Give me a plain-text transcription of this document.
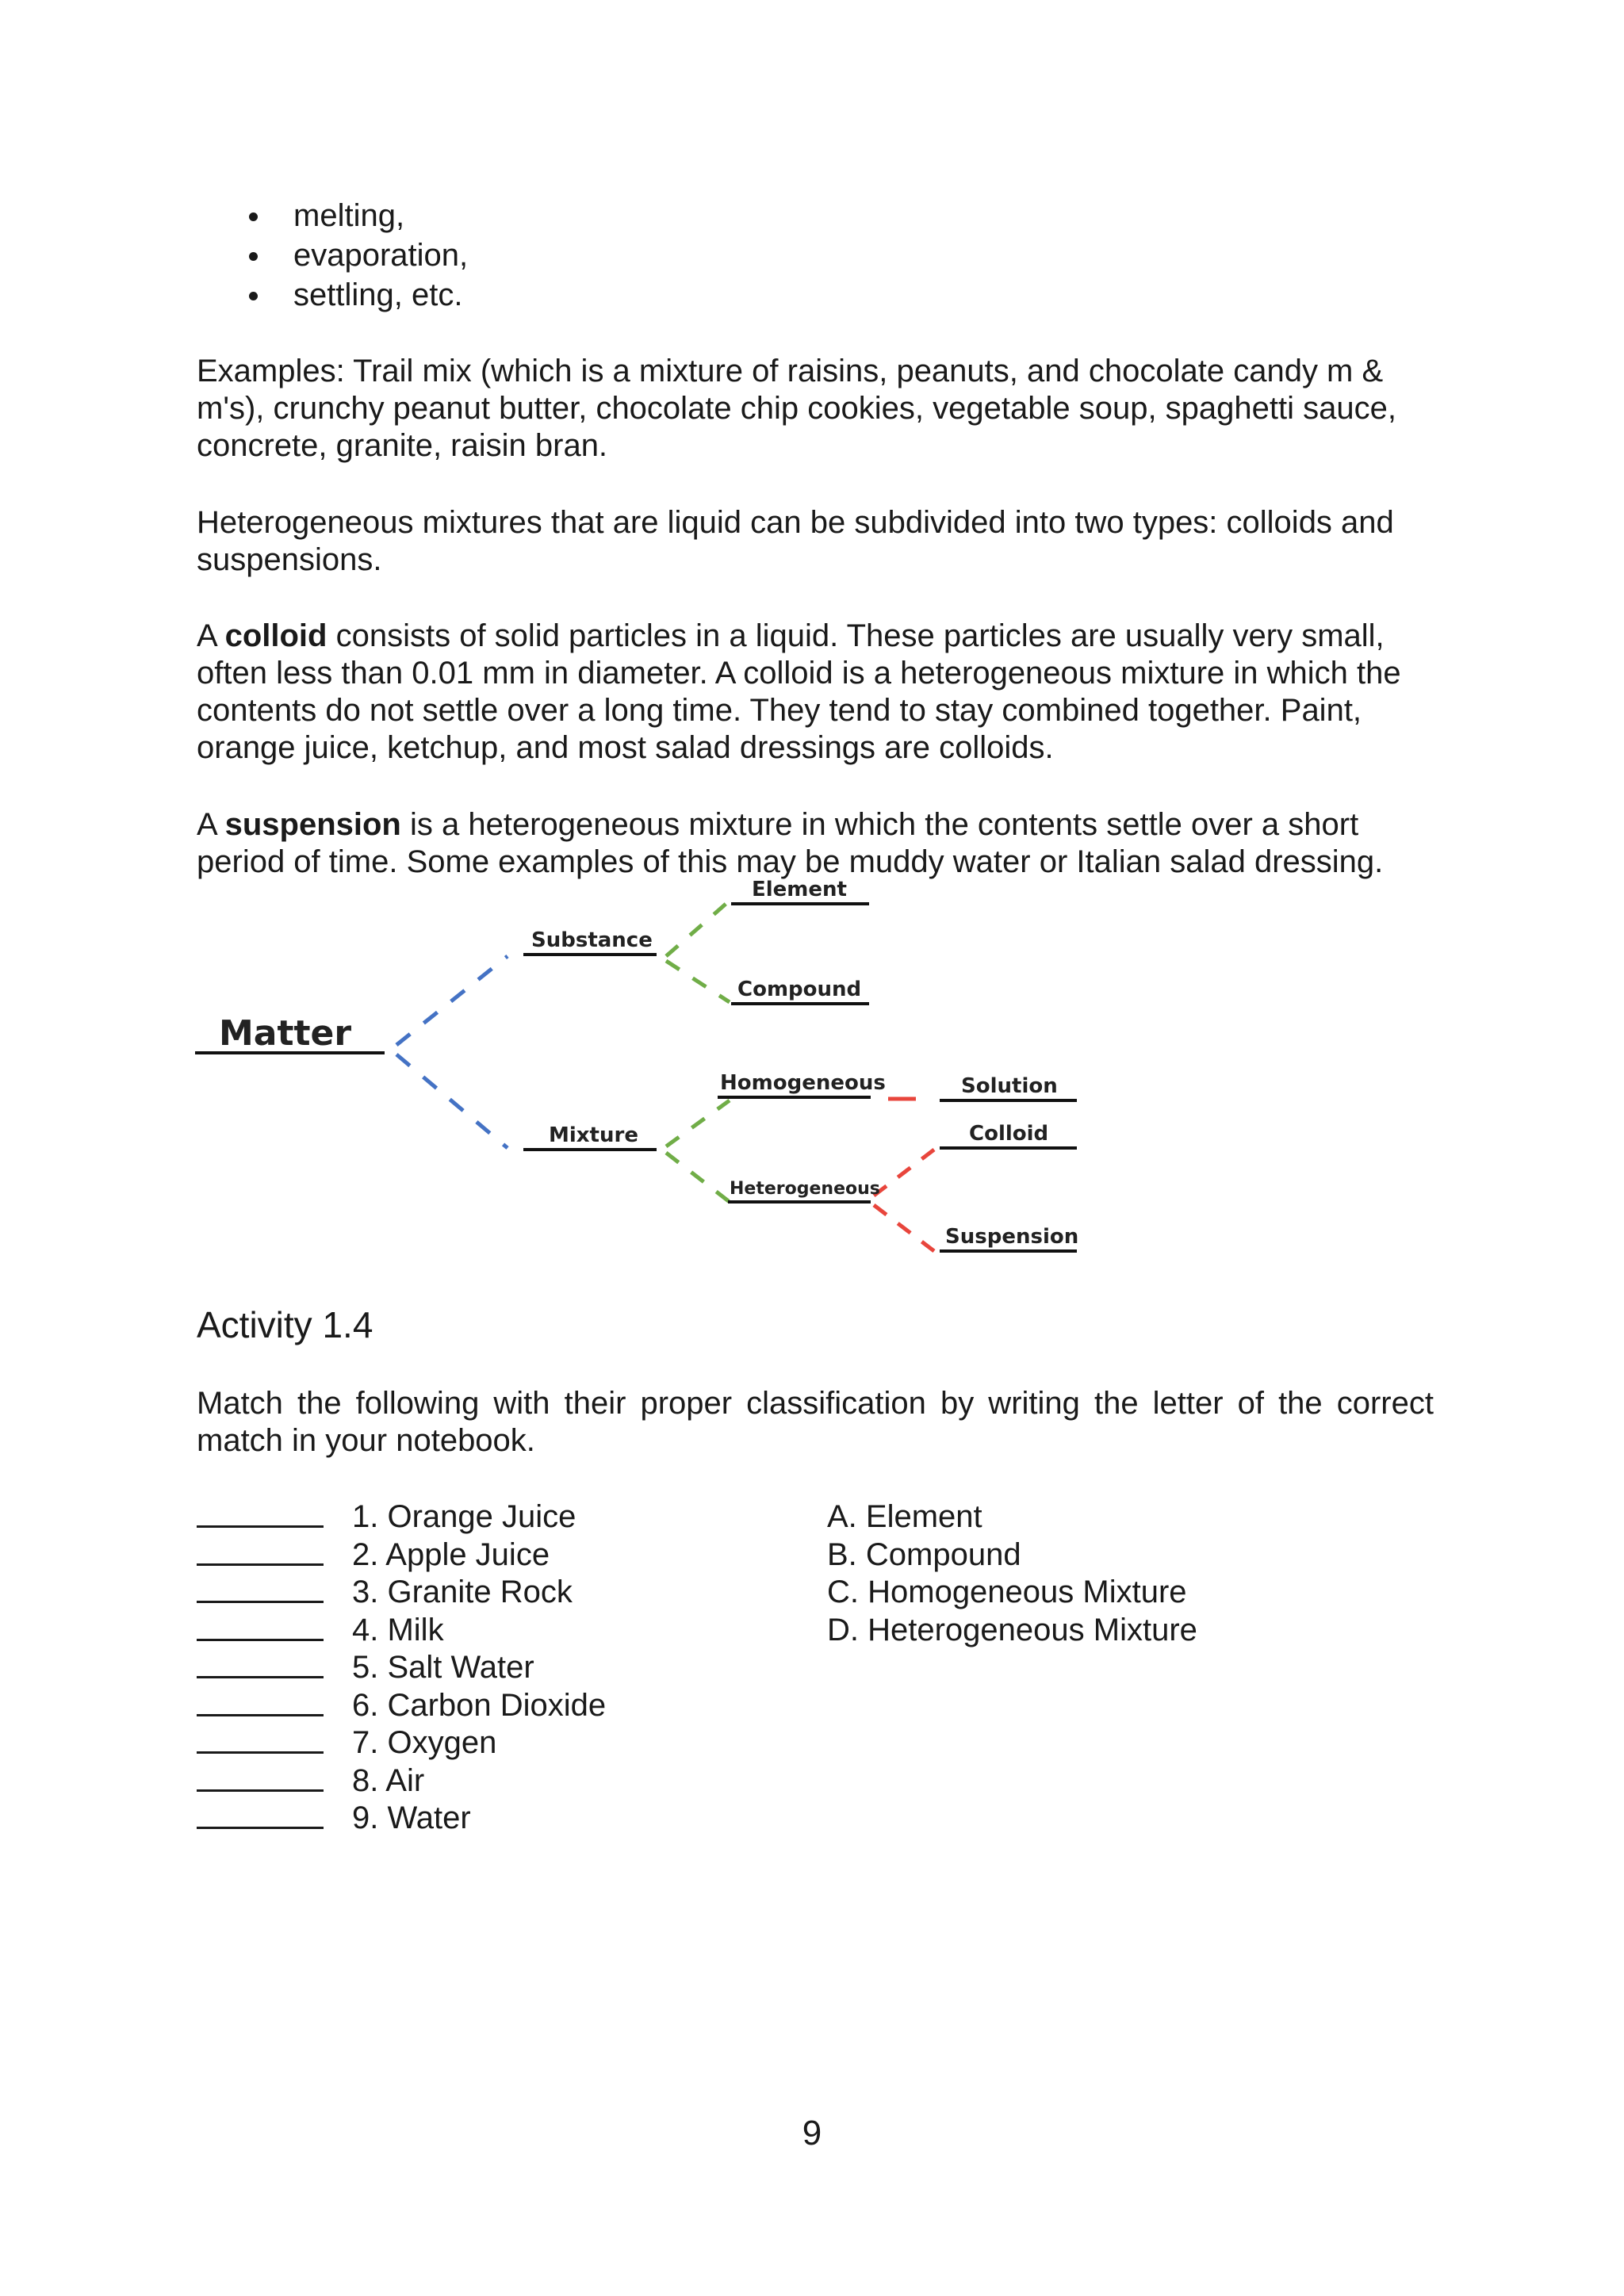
melting,
evaporation,
settling, etc.

Examples: Trail mix (which is a mixture of raisins, peanuts, and chocolate candy m & m's), crunchy peanut butter, chocolate chip cookies, vegetable soup, spaghetti sauce, concrete, granite, raisin bran.

Heterogeneous mixtures that are liquid can be subdivided into two types: colloids and suspensions.

A colloid consists of solid particles in a liquid. These particles are usually very small, often less than 0.01 mm in diameter. A colloid is a heterogeneous mixture in which the contents do not settle over a long time. They tend to stay combined together. Paint, orange juice, ketchup, and most salad dressings are colloids.

A suspension is a heterogeneous mixture in which the contents settle over a short period of time. Some examples of this may be muddy water or Italian salad dressing.

Matter
Substance
Mixture
Element
Compound
Homogeneous
Heterogeneous
Solution
Colloid
Suspension
Activity 1.4

Match the following with their proper classification by writing the letter of the correct match in your notebook.

1. Orange Juice
2. Apple Juice
3. Granite Rock
4. Milk
5. Salt Water
6. Carbon Dioxide
7. Oxygen
8. Air
9. Water
A. Element
B. Compound
C. Homogeneous Mixture
D. Heterogeneous Mixture
9
